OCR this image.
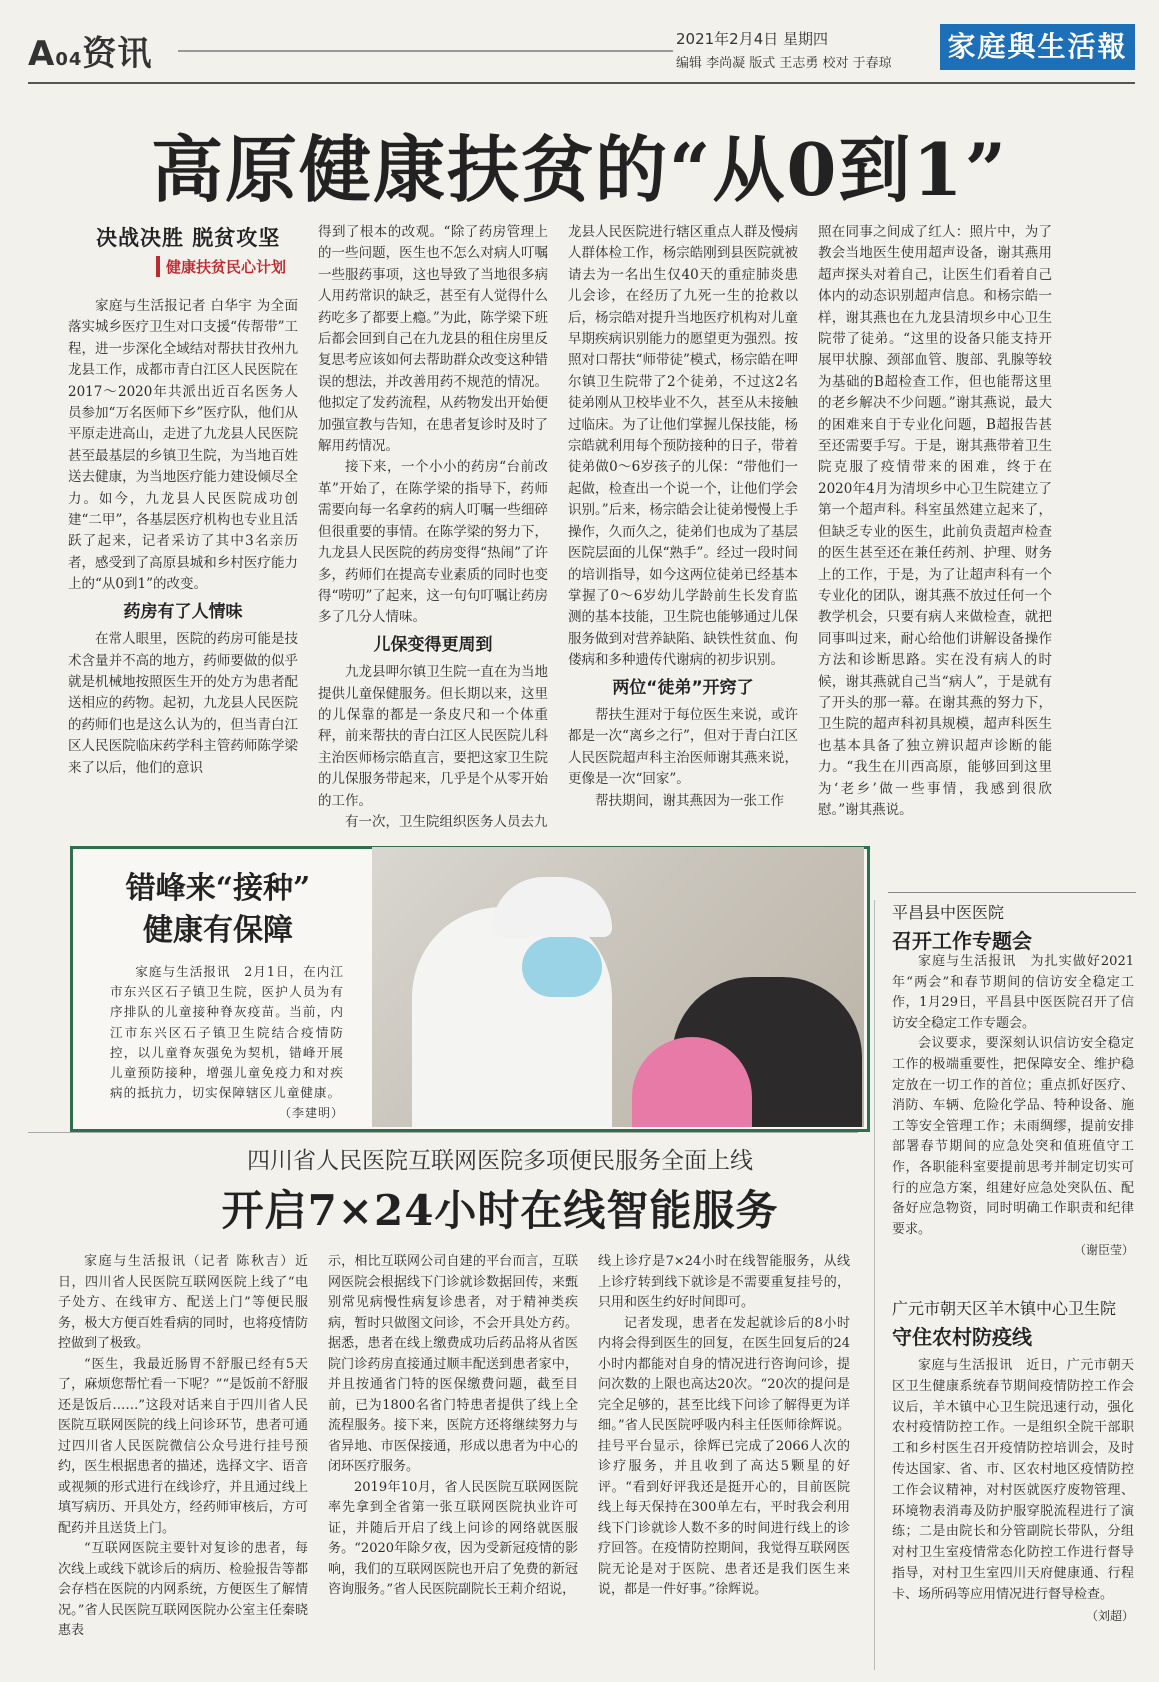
A04资讯	2021年2月4日 星期四
编辑 李尚凝 版式 王志勇 校对 于春琼
家庭與生活報
高原健康扶贫的“从0到1”
决战决胜 脱贫攻坚
健康扶贫民心计划

家庭与生活报记者 白华宇 为全面落实城乡医疗卫生对口支援“传帮带”工程，进一步深化全域结对帮扶甘孜州九龙县工作，成都市青白江区人民医院在2017～2020年共派出近百名医务人员参加“万名医师下乡”医疗队，他们从平原走进高山，走进了九龙县人民医院甚至最基层的乡镇卫生院，为当地百姓送去健康，为当地医疗能力建设倾尽全力。如今，九龙县人民医院成功创建“二甲”，各基层医疗机构也专业且活跃了起来，记者采访了其中3名亲历者，感受到了高原县城和乡村医疗能力上的“从0到1”的改变。

药房有了人情味

在常人眼里，医院的药房可能是技术含量并不高的地方，药师要做的似乎就是机械地按照医生开的处方为患者配送相应的药物。起初，九龙县人民医院的药师们也是这么认为的，但当青白江区人民医院临床药学科主管药师陈学梁来了以后，他们的意识

得到了根本的改观。“除了药房管理上的一些问题，医生也不怎么对病人叮嘱一些服药事项，这也导致了当地很多病人用药常识的缺乏，甚至有人觉得什么药吃多了都要上瘾。”为此，陈学梁下班后都会回到自己在九龙县的租住房里反复思考应该如何去帮助群众改变这种错误的想法，并改善用药不规范的情况。他拟定了发药流程，从药物发出开始便加强宣教与告知，在患者复诊时及时了解用药情况。

接下来，一个小小的药房“台前改革”开始了，在陈学梁的指导下，药师需要向每一名拿药的病人叮嘱一些细碎但很重要的事情。在陈学梁的努力下，九龙县人民医院的药房变得“热闹”了许多，药师们在提高专业素质的同时也变得“唠叨”了起来，这一句句叮嘱让药房多了几分人情味。

儿保变得更周到

九龙县呷尔镇卫生院一直在为当地提供儿童保健服务。但长期以来，这里的儿保靠的都是一条皮尺和一个体重秤，前来帮扶的青白江区人民医院儿科主治医师杨宗皓直言，要把这家卫生院的儿保服务带起来，几乎是个从零开始的工作。

有一次，卫生院组织医务人员去九

龙县人民医院进行辖区重点人群及慢病人群体检工作，杨宗皓刚到县医院就被请去为一名出生仅40天的重症肺炎患儿会诊，在经历了九死一生的抢救以后，杨宗皓对提升当地医疗机构对儿童早期疾病识别能力的愿望更为强烈。按照对口帮扶“师带徒”模式，杨宗皓在呷尔镇卫生院带了2个徒弟，不过这2名徒弟刚从卫校毕业不久，甚至从未接触过临床。为了让他们掌握儿保技能，杨宗皓就利用每个预防接种的日子，带着徒弟做0～6岁孩子的儿保：“带他们一起做，检查出一个说一个，让他们学会识别。”后来，杨宗皓会让徒弟慢慢上手操作，久而久之，徒弟们也成为了基层医院层面的儿保“熟手”。经过一段时间的培训指导，如今这两位徒弟已经基本掌握了0～6岁幼儿学龄前生长发育监测的基本技能，卫生院也能够通过儿保服务做到对营养缺陷、缺铁性贫血、佝偻病和多种遗传代谢病的初步识别。

两位“徒弟”开窍了

帮扶生涯对于每位医生来说，或许都是一次“离乡之行”，但对于青白江区人民医院超声科主治医师谢其燕来说，更像是一次“回家”。

帮扶期间，谢其燕因为一张工作

照在同事之间成了红人：照片中，为了教会当地医生使用超声设备，谢其燕用超声探头对着自己，让医生们看着自己体内的动态识别超声信息。和杨宗皓一样，谢其燕也在九龙县清坝乡中心卫生院带了徒弟。“这里的设备只能支持开展甲状腺、颈部血管、腹部、乳腺等较为基础的B超检查工作，但也能帮这里的老乡解决不少问题。”谢其燕说，最大的困难来自于专业化问题，B超报告甚至还需要手写。于是，谢其燕带着卫生院克服了疫情带来的困难，终于在2020年4月为清坝乡中心卫生院建立了第一个超声科。科室虽然建立起来了，但缺乏专业的医生，此前负责超声检查的医生甚至还在兼任药剂、护理、财务上的工作，于是，为了让超声科有一个专业化的团队，谢其燕不放过任何一个教学机会，只要有病人来做检查，就把同事叫过来，耐心给他们讲解设备操作方法和诊断思路。实在没有病人的时候，谢其燕就自己当“病人”，于是就有了开头的那一幕。在谢其燕的努力下，卫生院的超声科初具规模，超声科医生也基本具备了独立辨识超声诊断的能力。“我生在川西高原，能够回到这里为‘老乡’做一些事情，我感到很欣慰。”谢其燕说。

错峰来“接种”
健康有保障

家庭与生活报讯　2月1日，在内江市东兴区石子镇卫生院，医护人员为有序排队的儿童接种脊灰疫苗。当前，内江市东兴区石子镇卫生院结合疫情防控，以儿童脊灰强免为契机，错峰开展儿童预防接种，增强儿童免疫力和对疾病的抵抗力，切实保障辖区儿童健康。

（李建明）
平昌县中医医院
召开工作专题会

家庭与生活报讯　为扎实做好2021年“两会”和春节期间的信访安全稳定工作，1月29日，平昌县中医医院召开了信访安全稳定工作专题会。

会议要求，要深刻认识信访安全稳定工作的极端重要性，把保障安全、维护稳定放在一切工作的首位；重点抓好医疗、消防、车辆、危险化学品、特种设备、施工等安全管理工作；未雨绸缪，提前安排部署春节期间的应急处突和值班值守工作，各职能科室要提前思考并制定切实可行的应急方案，组建好应急处突队伍、配备好应急物资，同时明确工作职责和纪律要求。

（谢臣莹）
广元市朝天区羊木镇中心卫生院
守住农村防疫线

家庭与生活报讯　近日，广元市朝天区卫生健康系统春节期间疫情防控工作会议后，羊木镇中心卫生院迅速行动，强化农村疫情防控工作。一是组织全院干部职工和乡村医生召开疫情防控培训会，及时传达国家、省、市、区农村地区疫情防控工作会议精神，对村医就医疗废物管理、环境物表消毒及防护服穿脱流程进行了演练；二是由院长和分管副院长带队，分组对村卫生室疫情常态化防控工作进行督导指导，对村卫生室四川天府健康通、行程卡、场所码等应用情况进行督导检查。

（刘超）
四川省人民医院互联网医院多项便民服务全面上线
开启7×24小时在线智能服务

家庭与生活报讯（记者 陈秋吉）近日，四川省人民医院互联网医院上线了“电子处方、在线审方、配送上门”等便民服务，极大方便百姓看病的同时，也将疫情防控做到了极致。

“医生，我最近肠胃不舒服已经有5天了，麻烦您帮忙看一下呢？”“是饭前不舒服还是饭后……”这段对话来自于四川省人民医院互联网医院的线上问诊环节，患者可通过四川省人民医院微信公众号进行挂号预约，医生根据患者的描述，选择文字、语音或视频的形式进行在线诊疗，并且通过线上填写病历、开具处方，经药师审核后，方可配药并且送货上门。

“互联网医院主要针对复诊的患者，每次线上或线下就诊后的病历、检验报告等都会存档在医院的内网系统，方便医生了解情况。”省人民医院互联网医院办公室主任秦晓惠表

示，相比互联网公司自建的平台而言，互联网医院会根据线下门诊就诊数据回传，来甄别常见病慢性病复诊患者，对于精神类疾病，暂时只做图文问诊，不会开具处方药。据悉，患者在线上缴费成功后药品将从省医院门诊药房直接通过顺丰配送到患者家中，并且按通省门特的医保缴费问题，截至目前，已为1800名省门特患者提供了线上全流程服务。接下来，医院方还将继续努力与省异地、市医保接通，形成以患者为中心的闭环医疗服务。

2019年10月，省人民医院互联网医院率先拿到全省第一张互联网医院执业许可证，并随后开启了线上问诊的网络就医服务。“2020年除夕夜，因为受新冠疫情的影响，我们的互联网医院也开启了免费的新冠咨询服务。”省人民医院副院长王莉介绍说，

线上诊疗是7×24小时在线智能服务，从线上诊疗转到线下就诊是不需要重复挂号的，只用和医生约好时间即可。

记者发现，患者在发起就诊后的8小时内将会得到医生的回复，在医生回复后的24小时内都能对自身的情况进行咨询问诊，提问次数的上限也高达20次。“20次的提问是完全足够的，甚至比线下问诊了解得更为详细。”省人民医院呼吸内科主任医师徐辉说。挂号平台显示，徐辉已完成了2066人次的诊疗服务，并且收到了高达5颗星的好评。“看到好评我还是挺开心的，目前医院线上每天保持在300单左右，平时我会利用线下门诊就诊人数不多的时间进行线上的诊疗回答。在疫情防控期间，我觉得互联网医院无论是对于医院、患者还是我们医生来说，都是一件好事。”徐辉说。
